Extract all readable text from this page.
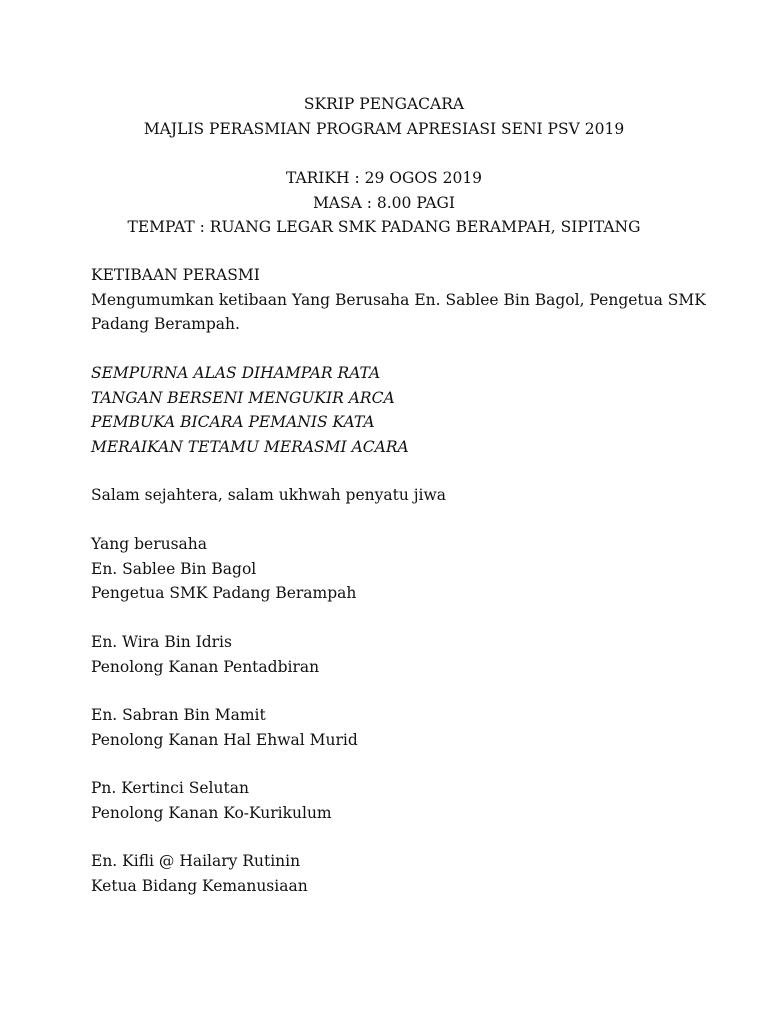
SKRIP PENGACARA
MAJLIS PERASMIAN PROGRAM APRESIASI SENI PSV 2019
TARIKH : 29 OGOS 2019
MASA : 8.00 PAGI
TEMPAT : RUANG LEGAR SMK PADANG BERAMPAH, SIPITANG
KETIBAAN PERASMI
Mengumumkan ketibaan Yang Berusaha En. Sablee Bin Bagol, Pengetua SMK
Padang Berampah.
SEMPURNA ALAS DIHAMPAR RATA
TANGAN BERSENI MENGUKIR ARCA
PEMBUKA BICARA PEMANIS KATA
MERAIKAN TETAMU MERASMI ACARA
Salam sejahtera, salam ukhwah penyatu jiwa
Yang berusaha
En. Sablee Bin Bagol
Pengetua SMK Padang Berampah
En. Wira Bin Idris
Penolong Kanan Pentadbiran
En. Sabran Bin Mamit
Penolong Kanan Hal Ehwal Murid
Pn. Kertinci Selutan
Penolong Kanan Ko-Kurikulum
En. Kifli @ Hailary Rutinin
Ketua Bidang Kemanusiaan
